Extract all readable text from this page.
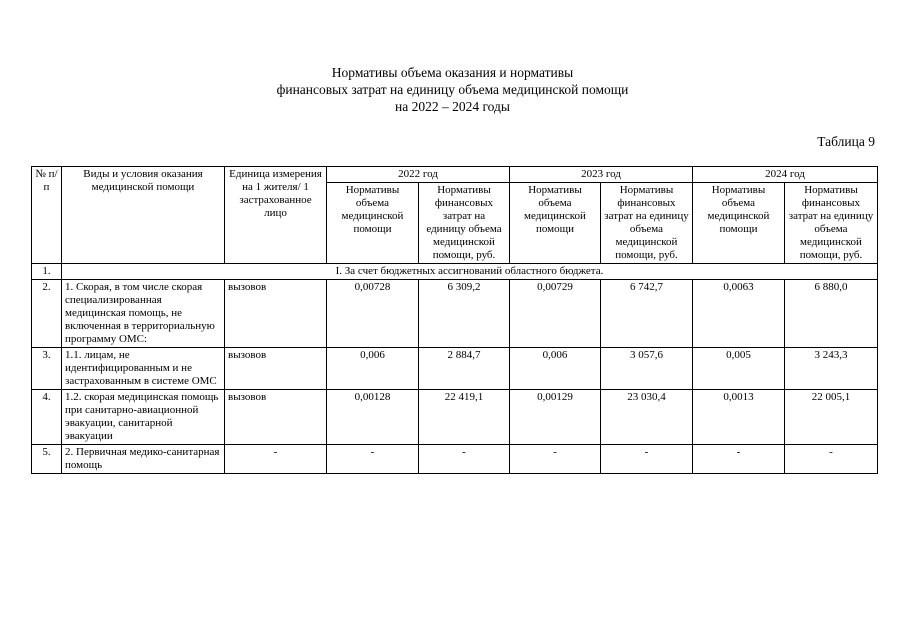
Нормативы объема оказания и нормативы
финансовых затрат на единицу объема медицинской помощи
на 2022 – 2024 годы
Таблица 9
№ п/п	Виды и условия оказания медицинской помощи	Единица измерения на 1 жителя/ 1 застрахованное лицо	2022 год		2023 год		2024 год	
			Нормативы объема медицинской помощи	Нормативы финансовых затрат на единицу объема медицинской помощи, руб.	Нормативы объема медицинской помощи	Нормативы финансовых затрат на единицу объема медицинской помощи, руб.	Нормативы объема медицинской помощи	Нормативы финансовых затрат на единицу объема медицинской помощи, руб.
1.	I. За счет бюджетных ассигнований областного бюджета.							
2.	1. Скорая, в том числе скорая специализированная медицинская помощь, не включенная в территориальную программу ОМС:	вызовов	0,00728	6 309,2	0,00729	6 742,7	0,0063	6 880,0
3.	1.1. лицам, не идентифицированным и не застрахованным в системе ОМС	вызовов	0,006	2 884,7	0,006	3 057,6	0,005	3 243,3
4.	1.2. скорая медицинская помощь при санитарно-авиационной эвакуации, санитарной эвакуации	вызовов	0,00128	22 419,1	0,00129	23 030,4	0,0013	22 005,1
5.	2. Первичная медико-санитарная помощь	-	-	-	-	-	-	-
